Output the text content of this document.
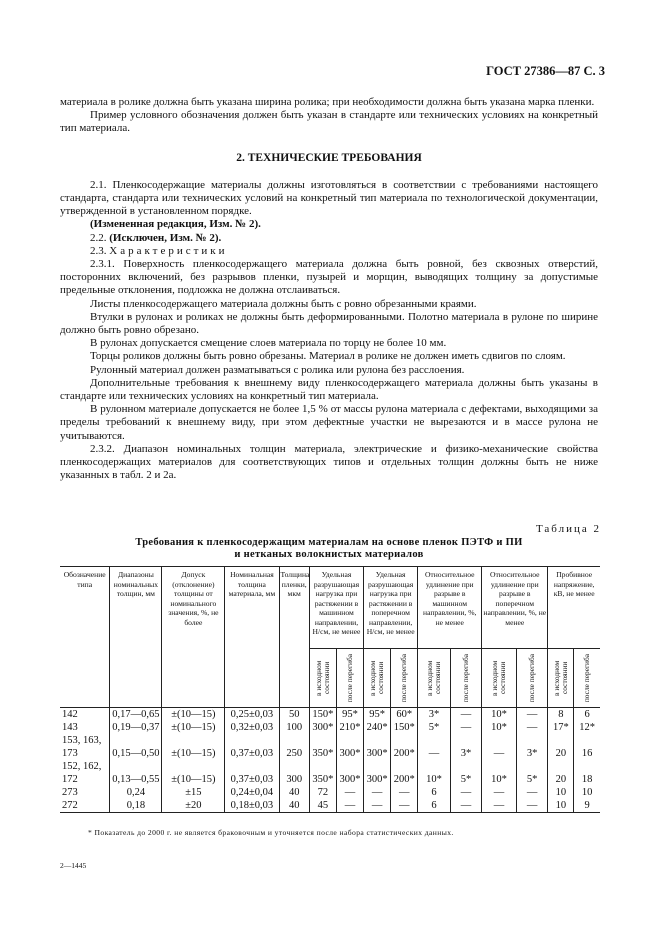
ГОСТ 27386—87 С. 3

материала в ролике должна быть указана ширина ролика; при необходимости должна быть указана марка пленки.

Пример условного обозначения должен быть указан в стандарте или технических условиях на конкретный тип материала.

2. ТЕХНИЧЕСКИЕ ТРЕБОВАНИЯ

2.1. Пленкосодержащие материалы должны изготовляться в соответствии с требованиями настоящего стандарта, стандарта или технических условий на конкретный тип материала по технологической документации, утвержденной в установленном порядке.

(Измененная редакция, Изм. № 2).

2.2. (Исключен, Изм. № 2).

2.3. Характеристики

2.3.1. Поверхность пленкосодержащего материала должна быть ровной, без сквозных отверстий, посторонних включений, без разрывов пленки, пузырей и морщин, выводящих толщину за допустимые предельные отклонения, подложка не должна отслаиваться.

Листы пленкосодержащего материала должны быть с ровно обрезанными краями.

Втулки в рулонах и роликах не должны быть деформированными. Полотно материала в рулоне по ширине должно быть ровно обрезано.

В рулонах допускается смещение слоев материала по торцу не более 10 мм.

Торцы роликов должны быть ровно обрезаны. Материал в ролике не должен иметь сдвигов по слоям.

Рулонный материал должен разматываться с ролика или рулона без расслоения.

Дополнительные требования к внешнему виду пленкосодержащего материала должны быть указаны в стандарте или технических условиях на конкретный тип материала.

В рулонном материале допускается не более 1,5 % от массы рулона материала с дефектами, выходящими за пределы требований к внешнему виду, при этом дефектные участки не вырезаются и в массе рулона не учитываются.

2.3.2. Диапазон номинальных толщин материала, электрические и физико-механические свойства пленкосодержащих материалов для соответствующих типов и отдельных толщин должны быть не ниже указанных в табл. 2 и 2а.

Таблица 2
Требования к пленкосодержащим материалам на основе пленок ПЭТФ и ПИ
и нетканых волокнистых материалов
Обозначение типа	Диапазоны номинальных толщин, мм	Допуск (отклонение) толщины от номинального значения, %, не более	Номинальная толщина материала, мм	Толщина пленки, мкм	Удельная разрушающая нагрузка при растяжении в машинном направлении, Н/см, не менее		Удельная разрушающая нагрузка при растяжении в поперечном направлении, Н/см, не менее		Относительное удлинение при разрыве в машинном направлении, %, не менее		Относительное удлинение при разрыве в поперечном направлении, %, не менее		Пробивное напряжение, кВ, не менее	

					в исходном состоянии	после перегиба	в исходном состоянии	после перегиба	в исходном состоянии	после перегиба	в исходном состоянии	после перегиба	в исходном состоянии	после перегиба

142	0,17—0,65	±(10—15)	0,25±0,03	50	150*	95*	95*	60*	3*	—	10*	—	8	6
143	0,19—0,37	±(10—15)	0,32±0,03	100	300*	210*	240*	150*	5*	—	10*	—	17*	12*
153, 163,														
173	0,15—0,50	±(10—15)	0,37±0,03	250	350*	300*	300*	200*	—	3*	—	3*	20	16
152, 162,														
172	0,13—0,55	±(10—15)	0,37±0,03	300	350*	300*	300*	200*	10*	5*	10*	5*	20	18
273	0,24	±15	0,24±0,04	40	72	—	—	—	6	—	—	—	10	10
272	0,18	±20	0,18±0,03	40	45	—	—	—	6	—	—	—	10	9
* Показатель до 2000 г. не является браковочным и уточняется после набора статистических данных.
2—1445
